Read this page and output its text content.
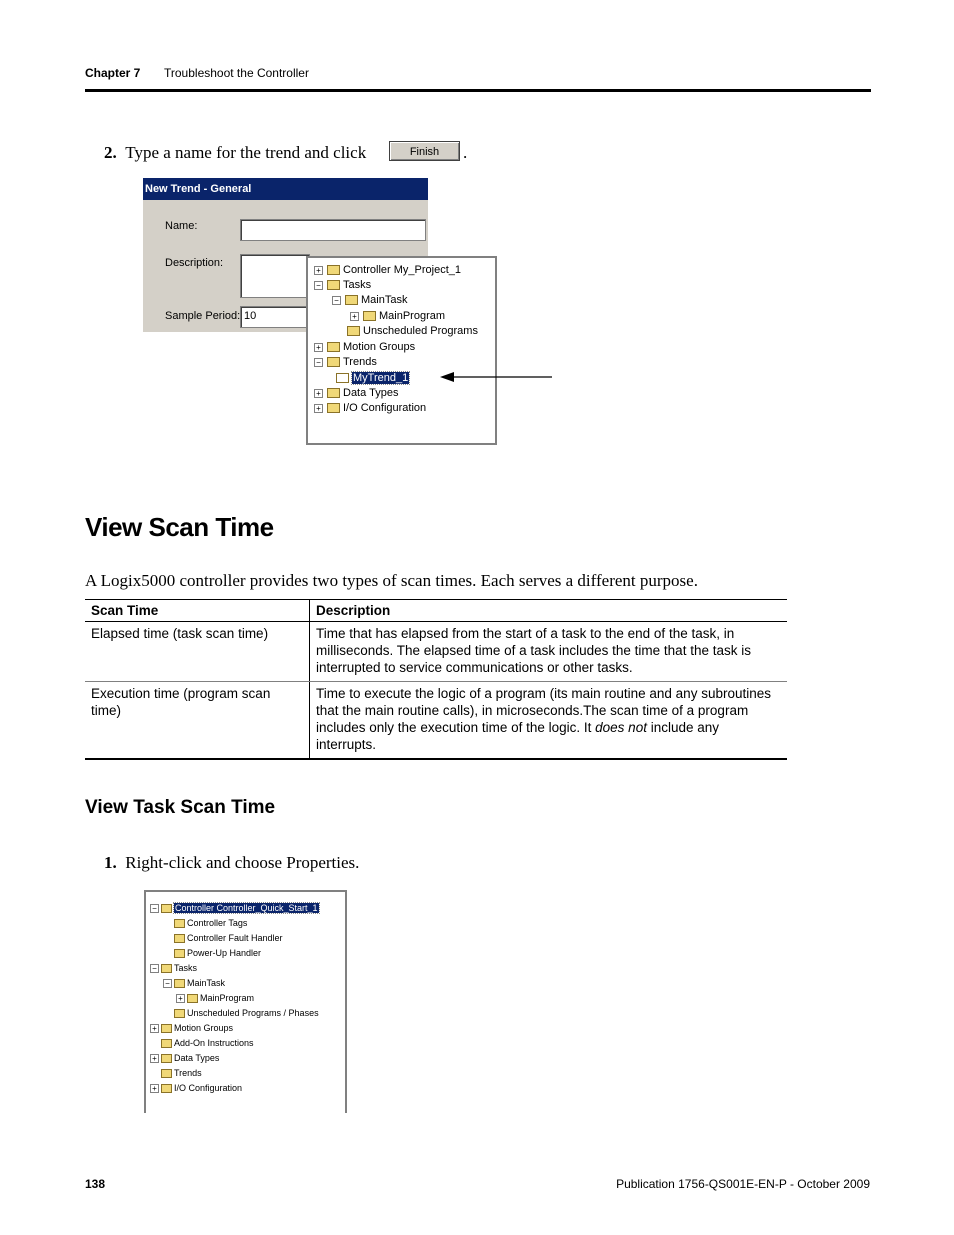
Chapter 7 Troubleshoot the Controller
2. Type a name for the trend and click	Finish	.
New Trend - General
Name:
Description:
Sample Period: 10
+ Controller My_Project_1
− Tasks
− MainTask
+ MainProgram
Unscheduled Programs
+ Motion Groups
− Trends
MyTrend_1
+ Data Types
+ I/O Configuration
View Scan Time
A Logix5000 controller provides two types of scan times. Each serves a different purpose.
Scan Time	Description
Elapsed time (task scan time)	Time that has elapsed from the start of a task to the end of the task, in milliseconds. The elapsed time of a task includes the time that the task is interrupted to service communications or other tasks.
Execution time (program scan time)	Time to execute the logic of a program (its main routine and any subroutines that the main routine calls), in microseconds.The scan time of a program includes only the execution time of the logic. It does not include any interrupts.
View Task Scan Time
1. Right-click and choose Properties.
− Controller Controller_Quick_Start_1
Controller Tags
Controller Fault Handler
Power-Up Handler
− Tasks
− MainTask
+ MainProgram
Unscheduled Programs / Phases
+ Motion Groups
Add-On Instructions
+ Data Types
Trends
+ I/O Configuration
138	Publication 1756-QS001E-EN-P - October 2009
